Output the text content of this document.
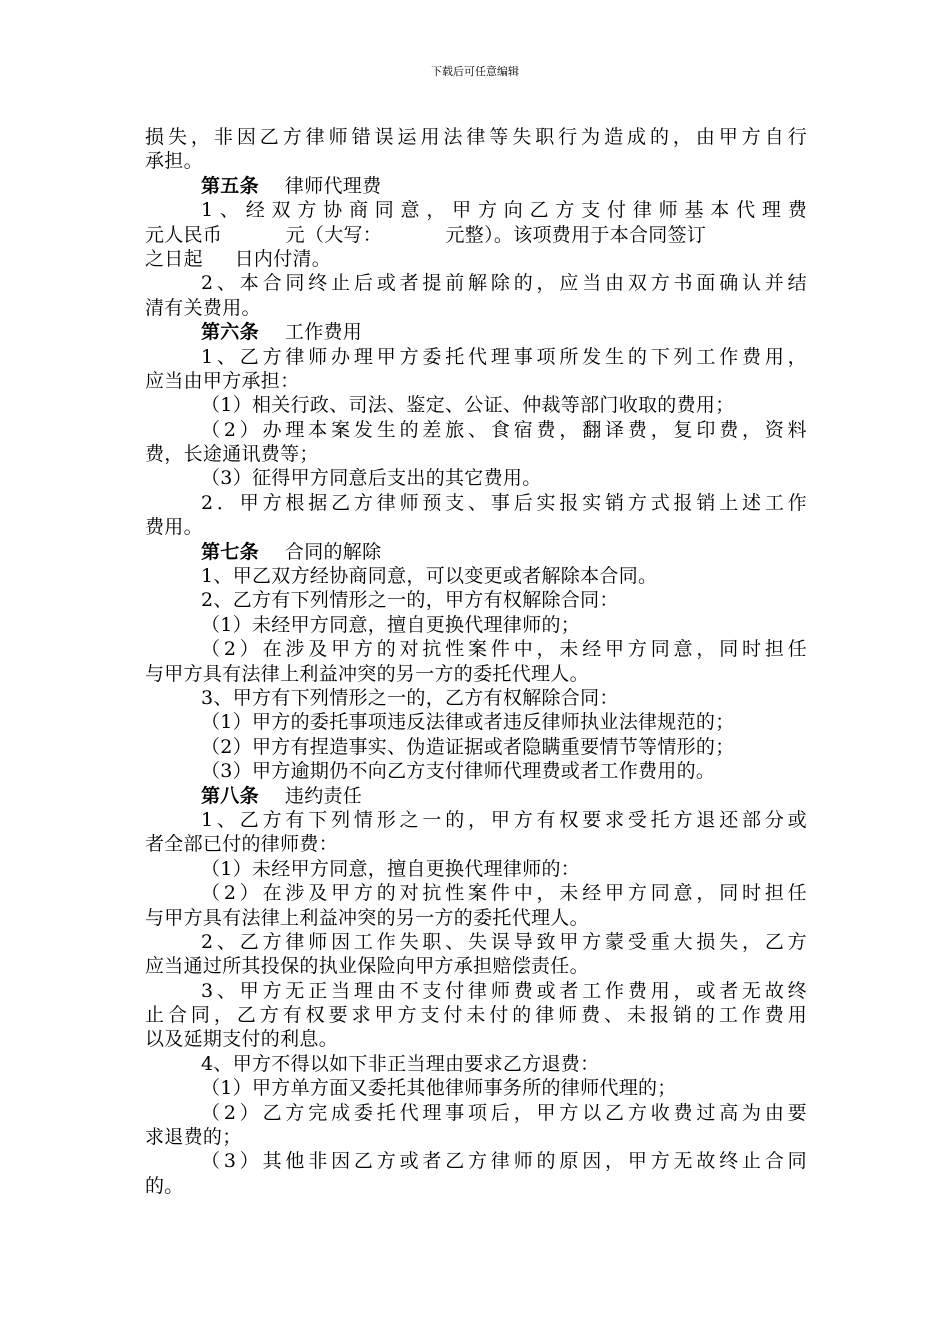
下载后可任意编辑
损失，非因乙方律师错误运用法律等失职行为造成的，由甲方自行
承担。
第五条 律师代理费
1、经双方协商同意，甲方向乙方支付律师基本代理费
元人民币          元（大写：          元整）。该项费用于本合同签订
之日起     日内付清。
2、本合同终止后或者提前解除的，应当由双方书面确认并结
清有关费用。
第六条 工作费用
1、乙方律师办理甲方委托代理事项所发生的下列工作费用，
应当由甲方承担：
（1）相关行政、司法、鉴定、公证、仲裁等部门收取的费用；
（2）办理本案发生的差旅、食宿费，翻译费，复印费，资料
费，长途通讯费等；
（3）征得甲方同意后支出的其它费用。
2．甲方根据乙方律师预支、事后实报实销方式报销上述工作
费用。
第七条 合同的解除
1、甲乙双方经协商同意，可以变更或者解除本合同。
2、乙方有下列情形之一的，甲方有权解除合同：
（1）未经甲方同意，擅自更换代理律师的；
（2）在涉及甲方的对抗性案件中，未经甲方同意，同时担任
与甲方具有法律上利益冲突的另一方的委托代理人。
3、甲方有下列情形之一的，乙方有权解除合同：
（1）甲方的委托事项违反法律或者违反律师执业法律规范的；
（2）甲方有捏造事实、伪造证据或者隐瞒重要情节等情形的；
（3）甲方逾期仍不向乙方支付律师代理费或者工作费用的。
第八条 违约责任
1、乙方有下列情形之一的，甲方有权要求受托方退还部分或
者全部已付的律师费：
（1）未经甲方同意，擅自更换代理律师的：
（2）在涉及甲方的对抗性案件中，未经甲方同意，同时担任
与甲方具有法律上利益冲突的另一方的委托代理人。
2、乙方律师因工作失职、失误导致甲方蒙受重大损失，乙方
应当通过所其投保的执业保险向甲方承担赔偿责任。
3、甲方无正当理由不支付律师费或者工作费用，或者无故终
止合同，乙方有权要求甲方支付未付的律师费、未报销的工作费用
以及延期支付的利息。
4、甲方不得以如下非正当理由要求乙方退费：
（1）甲方单方面又委托其他律师事务所的律师代理的；
（2）乙方完成委托代理事项后，甲方以乙方收费过高为由要
求退费的；
（3）其他非因乙方或者乙方律师的原因，甲方无故终止合同
的。
